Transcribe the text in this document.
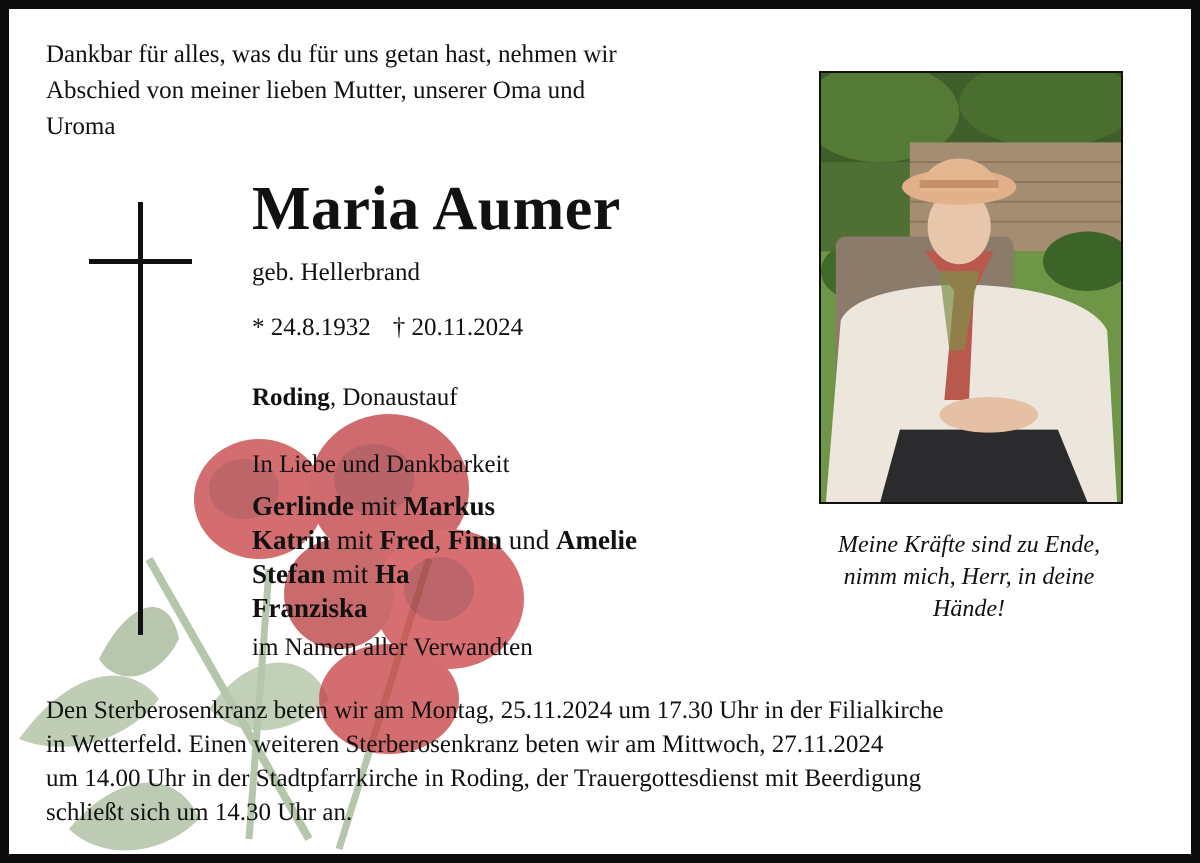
Dankbar für alles, was du für uns getan hast, nehmen wir
Abschied von meiner lieben Mutter, unserer Oma und
Uroma
Maria Aumer
geb. Hellerbrand
* 24.8.1932 † 20.11.2024
Roding, Donaustauf
In Liebe und Dankbarkeit
Gerlinde mit Markus
Katrin mit Fred, Finn und Amelie
Stefan mit Ha
Franziska
im Namen aller Verwandten
Meine Kräfte sind zu Ende,
nimm mich, Herr, in deine
Hände!
Den Sterberosenkranz beten wir am Montag, 25.11.2024 um 17.30 Uhr in der Filialkirche
in Wetterfeld. Einen weiteren Sterberosenkranz beten wir am Mittwoch, 27.11.2024
um 14.00 Uhr in der Stadtpfarrkirche in Roding, der Trauergottesdienst mit Beerdigung
schließt sich um 14.30 Uhr an.
